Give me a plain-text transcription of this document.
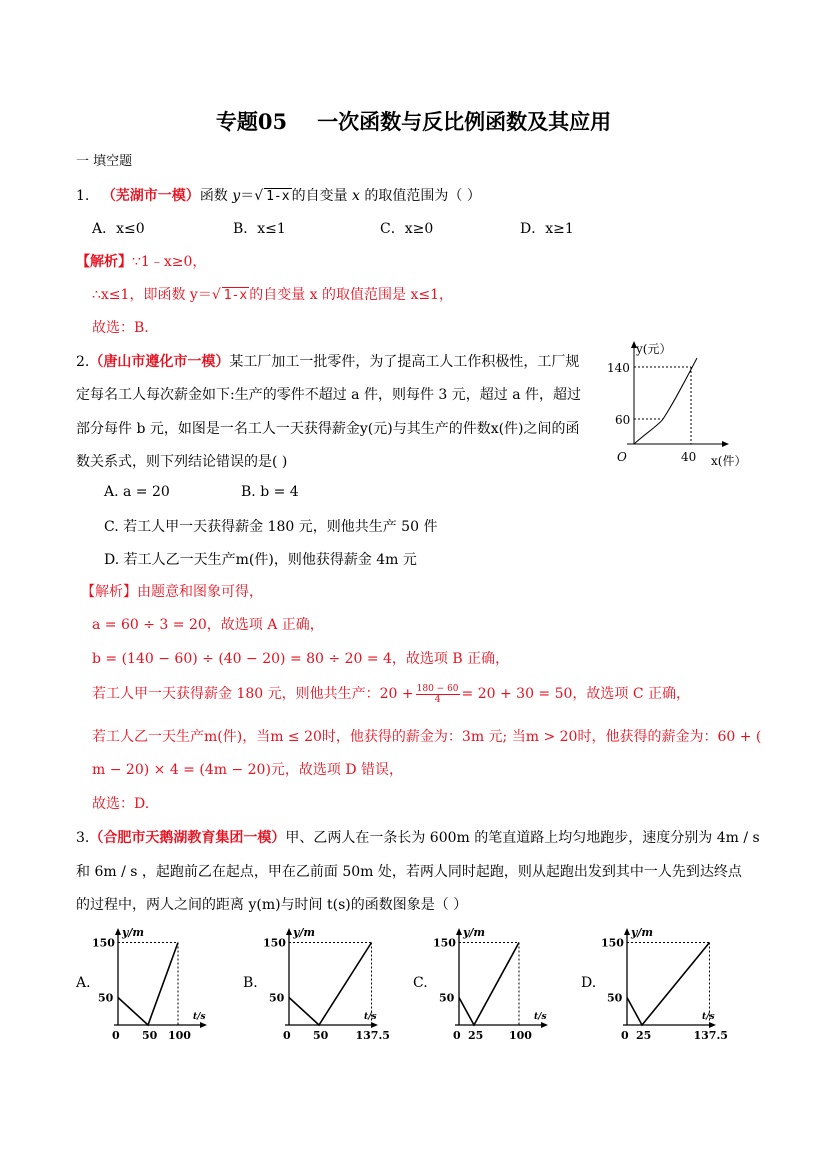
专题05 一次函数与反比例函数及其应用
一 填空题
1. （芜湖市一模）函数 y＝√ 1-x 的自变量 x 的取值范围为（ ）
A．x≤0	B．x≤1	C．x≥0	D．x≥1
【解析】∵1﹣x≥0，
∴x≤1，即函数 y＝√ 1-x 的自变量 x 的取值范围是 x≤1，
故选：B.
2.（唐山市遵化市一模）某工厂加工一批零件，为了提高工人工作积极性，工厂规
定每名工人每次薪金如下:生产的零件不超过 a 件，则每件 3 元，超过 a 件，超过
部分每件 b 元，如图是一名工人一天获得薪金y(元)与其生产的件数x(件)之间的函
数关系式，则下列结论错误的是( )
y(元）
140
60
O	40 x(件）
A. a = 20	B. b = 4
C. 若工人甲一天获得薪金 180 元，则他共生产 50 件
D. 若工人乙一天生产m(件)，则他获得薪金 4m 元
【解析】由题意和图象可得，
a = 60 ÷ 3 = 20，故选项 A 正确，
b = (140 − 60) ÷ (40 − 20) = 80 ÷ 20 = 4，故选项 B 正确，
若工人甲一天获得薪金 180 元，则他共生产：$20 + \frac{180 - 60}{4} = 20 + 30 = 50$，故选项 C 正确，
若工人乙一天生产m(件)，当m ≤ 20时，他获得的薪金为：3m 元; 当m > 20时，他获得的薪金为：60 + (
m − 20) × 4 = (4m − 20)元，故选项 D 错误，
故选：D.
3.（合肥市天鹅湖教育集团一模）甲、乙两人在一条长为 600m 的笔直道路上均匀地跑步，速度分别为 4m / s
和 6m / s ，起跑前乙在起点，甲在乙前面 50m 处，若两人同时起跑，则从起跑出发到其中一人先到达终点
的过程中，两人之间的距离 y(m)与时间 t(s)的函数图象是（ ）
A.
y/m
150
50
0 50 100
t/s
B.
y/m
150
50
0 50 137.5
t/s
C.
y/m
150
50
0 25 100
t/s
D.
y/m
150
50
0 25	137.5
t/s
